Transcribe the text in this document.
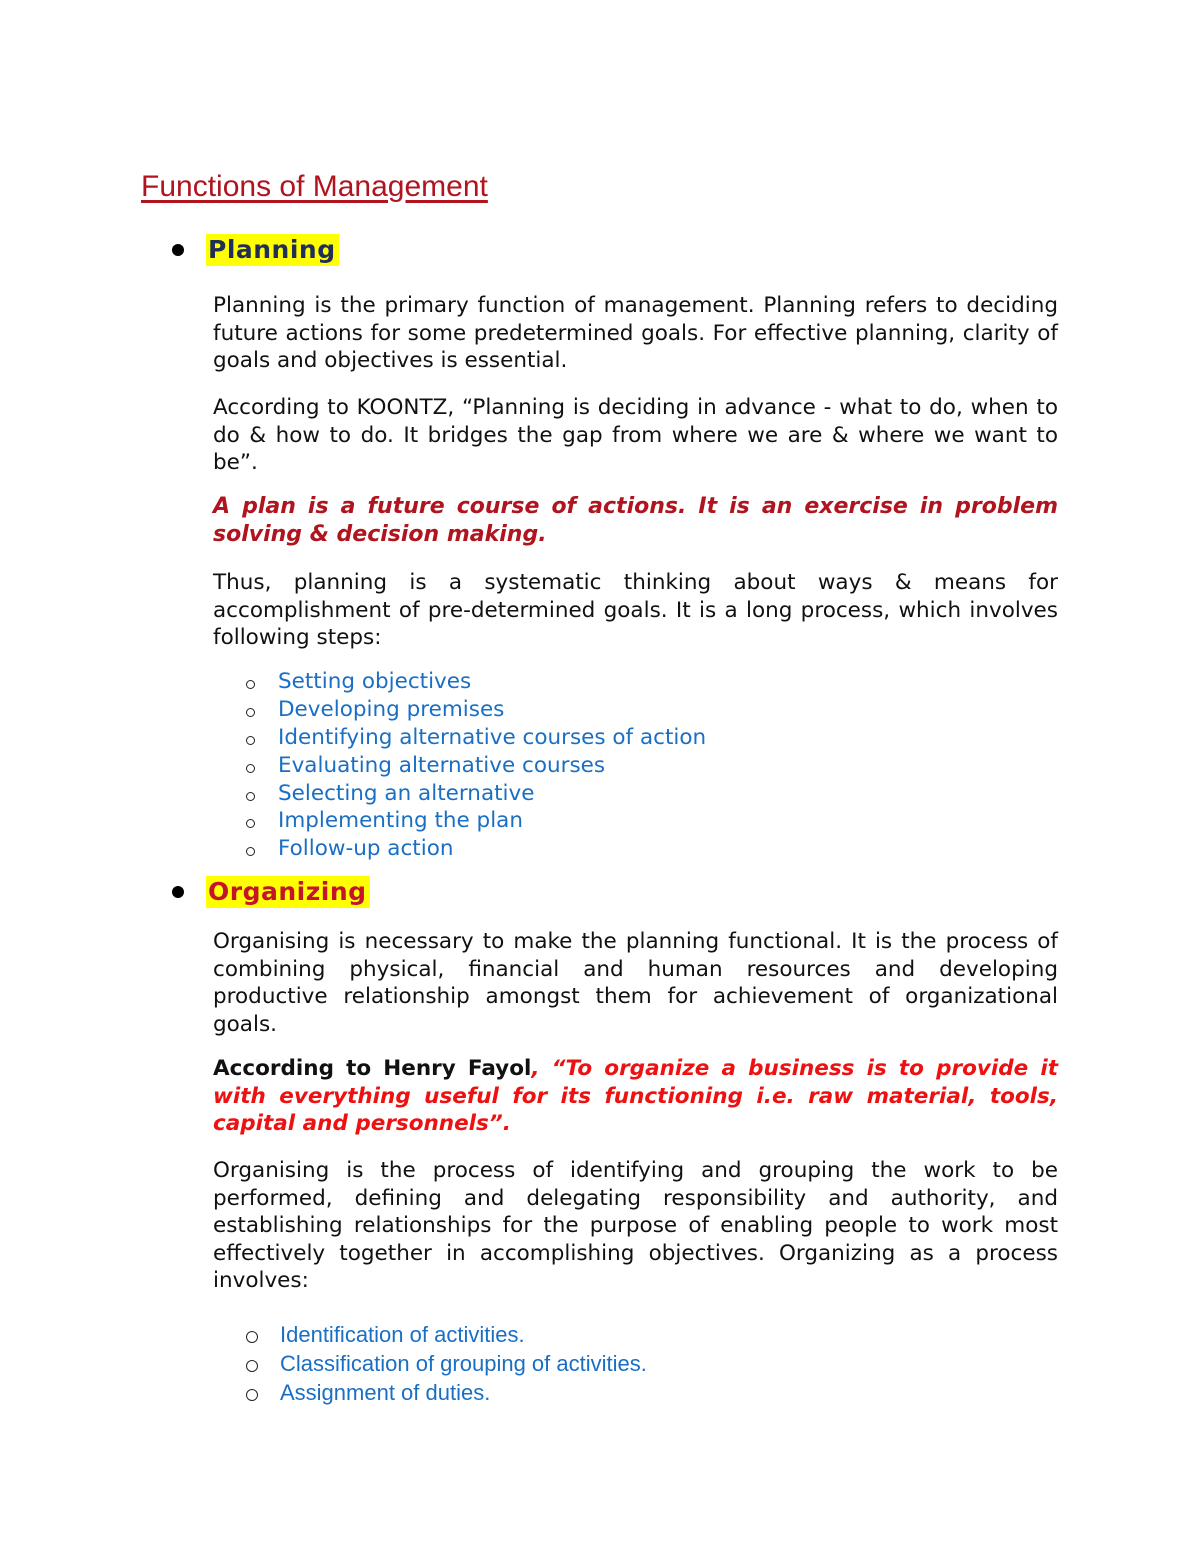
Functions of Management
Planning

Planning is the primary function of management. Planning refers to deciding future actions for some predetermined goals. For effective planning, clarity of goals and objectives is essential.

According to KOONTZ, “Planning is deciding in advance - what to do, when to do & how to do. It bridges the gap from where we are & where we want to be”.

A plan is a future course of actions. It is an exercise in problem solving & decision making.

Thus, planning is a systematic thinking about ways & means for accomplishment of pre-determined goals. It is a long process, which involves following steps:

Setting objectives
Developing premises
Identifying alternative courses of action
Evaluating alternative courses
Selecting an alternative
Implementing the plan
Follow-up action
Organizing

Organising is necessary to make the planning functional. It is the process of combining physical, financial and human resources and developing productive relationship amongst them for achievement of organizational goals.

According to Henry Fayol, “To organize a business is to provide it with everything useful for its functioning i.e. raw material, tools, capital and personnels”.

Organising is the process of identifying and grouping the work to be performed, defining and delegating responsibility and authority, and establishing relationships for the purpose of enabling people to work most effectively together in accomplishing objectives. Organizing as a process involves:

Identification of activities.
Classification of grouping of activities.
Assignment of duties.
